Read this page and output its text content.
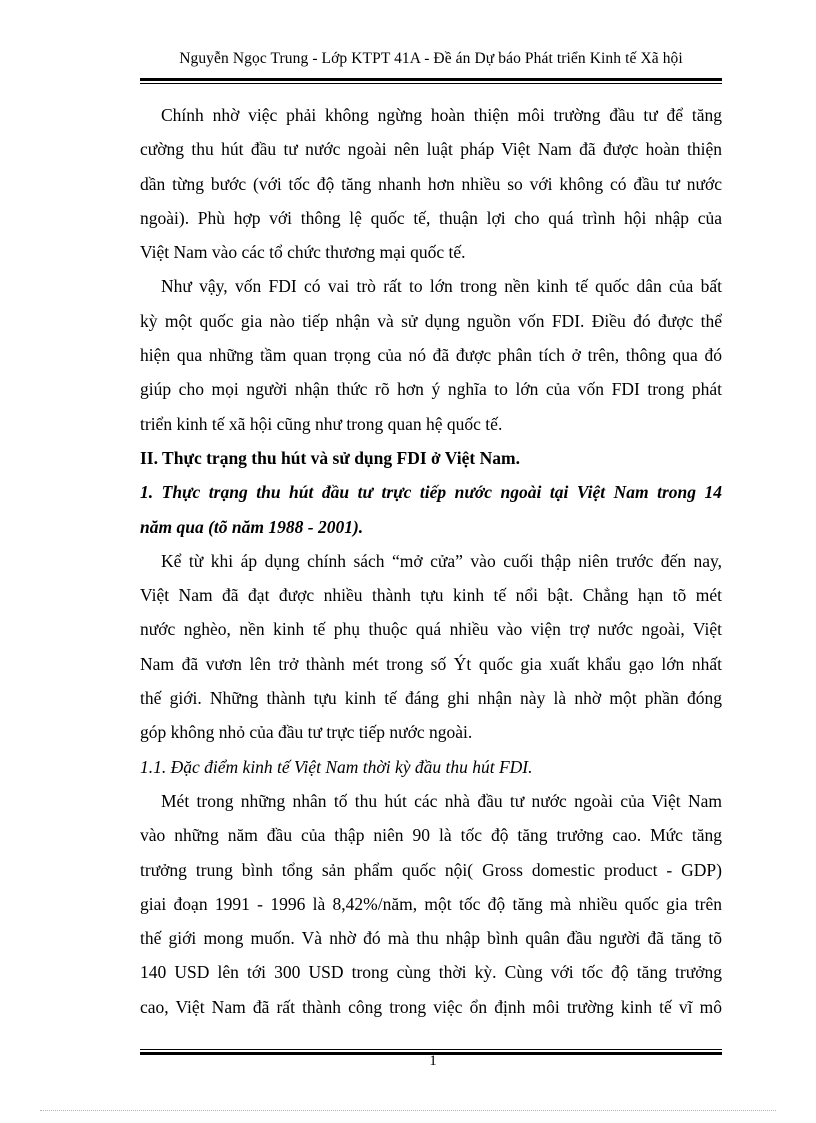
Nguyễn Ngọc Trung - Lớp KTPT 41A - Đề án Dự báo Phát triển Kinh tế Xã hội
Chính nhờ việc phải không ngừng hoàn thiện môi trường đầu tư để tăng
cường thu hút đầu tư nước ngoài nên luật pháp Việt Nam đã được hoàn thiện
dần từng bước (với tốc độ tăng nhanh hơn nhiều so với không có đầu tư nước
ngoài). Phù hợp với thông lệ quốc tế, thuận lợi cho quá trình hội nhập của
Việt Nam vào các tổ chức thương mại quốc tế.
Như vậy, vốn FDI có vai trò rất to lớn trong nền kinh tế quốc dân của bất
kỳ một quốc gia nào tiếp nhận và sử dụng nguồn vốn FDI. Điều đó được thể
hiện qua những tầm quan trọng của nó đã được phân tích ở trên, thông qua đó
giúp cho mọi người nhận thức rõ hơn ý nghĩa to lớn của vốn FDI trong phát
triển kinh tế xã hội cũng như trong quan hệ quốc tế.
II. Thực trạng thu hút và sử dụng FDI ở Việt Nam.
1. Thực trạng thu hút đầu tư trực tiếp nước ngoài tại Việt Nam trong 14
năm qua (tõ năm 1988 - 2001).
Kể từ khi áp dụng chính sách “mở cửa” vào cuối thập niên trước đến nay,
Việt Nam đã đạt được nhiều thành tựu kinh tế nổi bật. Chẳng hạn tõ mét
nước nghèo, nền kinh tế phụ thuộc quá nhiều vào viện trợ nước ngoài, Việt
Nam đã vươn lên trở thành mét trong số Ýt quốc gia xuất khẩu gạo lớn nhất
thế giới. Những thành tựu kinh tế đáng ghi nhận này là nhờ một phần đóng
góp không nhỏ của đầu tư trực tiếp nước ngoài.
1.1. Đặc điểm kinh tế Việt Nam thời kỳ đầu thu hút FDI.
Mét trong những nhân tố thu hút các nhà đầu tư nước ngoài của Việt Nam
vào những năm đầu của thập niên 90 là tốc độ tăng trưởng cao. Mức tăng
trưởng trung bình tổng sản phẩm quốc nội( Gross domestic product - GDP)
giai đoạn 1991 - 1996 là 8,42%/năm, một tốc độ tăng mà nhiều quốc gia trên
thế giới mong muốn. Và nhờ đó mà thu nhập bình quân đầu người đã tăng tõ
140 USD lên tới 300 USD trong cùng thời kỳ. Cùng với tốc độ tăng trưởng
cao, Việt Nam đã rất thành công trong việc ổn định môi trường kinh tế vĩ mô
1
